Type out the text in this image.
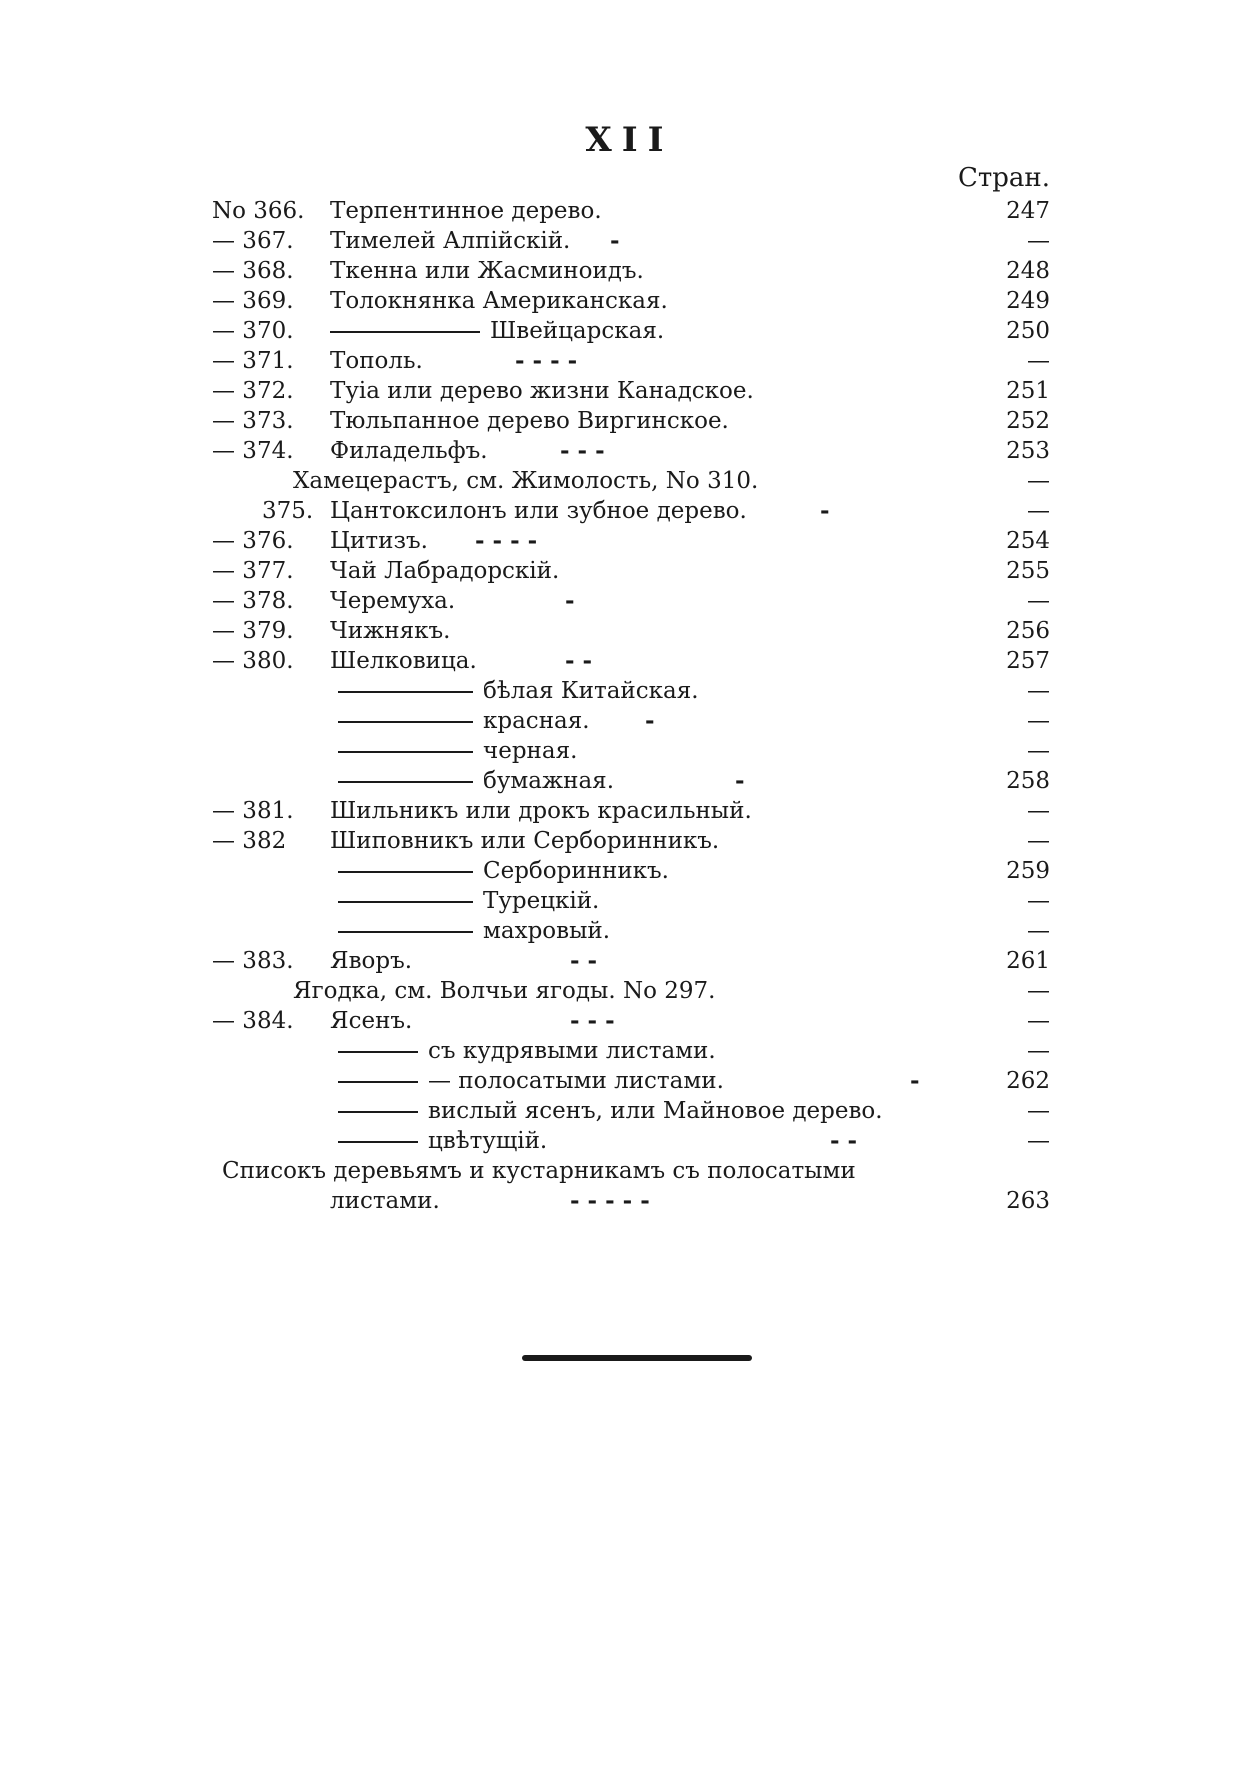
XII
Стран.
No 366.	Терпентинное дерево.	247
— 367.	Тимелей Алпійскій. -	—
— 368.	Ткенна или Жасминоидъ.	248
— 369.	Толокнянка Американская.	249
— 370.	Швейцарская.	250
— 371.	Тополь.	- - - -	—
— 372.	Туіа или дерево жизни Канадское.	251
— 373.	Тюльпанное дерево Виргинское.	252
— 374.	Филадельфъ.	- - -	253
Хамецерастъ, см. Жимолость, No 310.	—
375. Цантоксилонъ или зубное дерево.	-	—
— 376.	Цитизъ. - - - -	254
— 377.	Чай Лабрадорскій.	255
— 378.	Черемуха.	-	—
— 379.	Чижнякъ.	256
— 380.	Шелковица.	- -	257
бѣлая Китайская.	—
красная. -	—
черная.	—
бумажная.	-	258
— 381.	Шильникъ или дрокъ красильный.	—
— 382	Шиповникъ или Серборинникъ.	—
Серборинникъ.	259
Турецкій.	—
махровый.	—
— 383.	Яворъ.	- -	261
Ягодка, см. Волчьи ягоды. No 297.	—
— 384.	Ясенъ.	- - -	—
съ кудрявыми листами.	—
— полосатыми листами.	-	262
вислый ясенъ, или Майновое дерево.	—
цвѣтущій.	- -	—
Списокъ деревьямъ и кустарникамъ съ полосатыми
листами.	- - - - -	263
